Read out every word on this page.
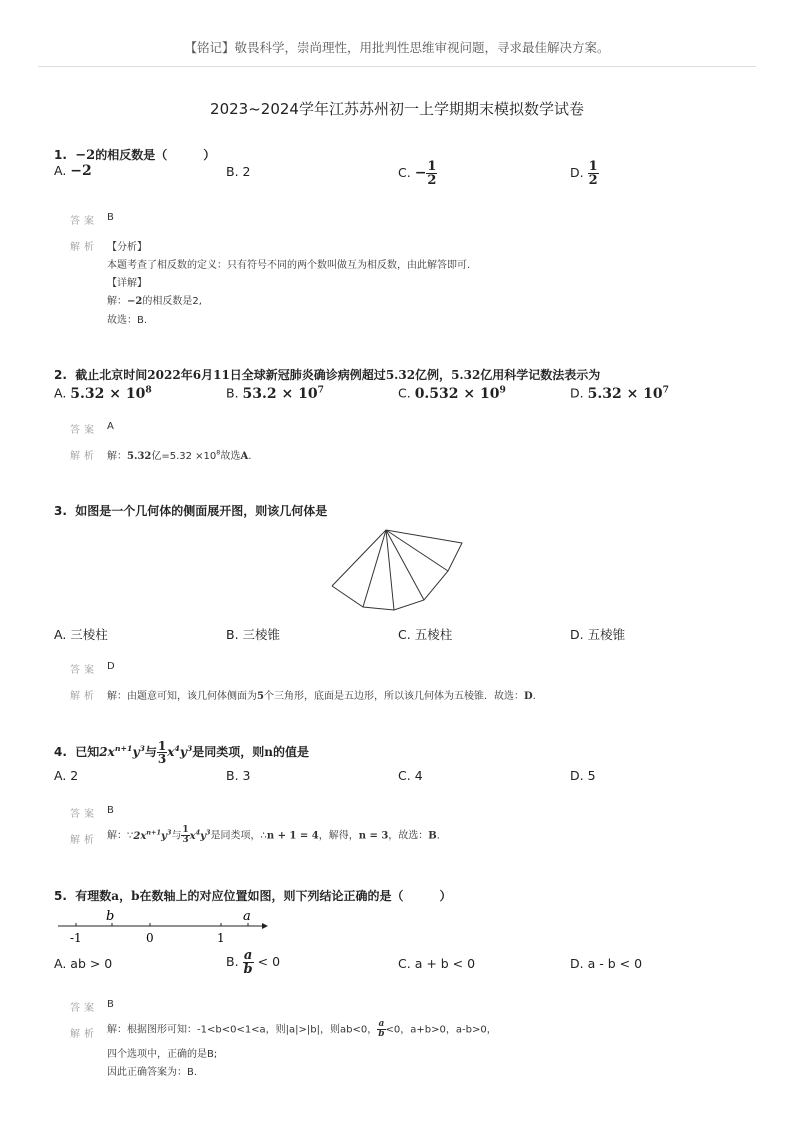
【铭记】敬畏科学，崇尚理性，用批判性思维审视问题，寻求最佳解决方案。
2023~2024学年江苏苏州初一上学期期末模拟数学试卷
1. −2的相反数是（　　　）
A. −2	B. 2	C. − $\frac{1}{2}$	D. $\frac{1}{2}$
答案 B
解析 【分析】
本题考查了相反数的定义：只有符号不同的两个数叫做互为相反数，由此解答即可.
【详解】
解：−2的相反数是2,
故选：B.
2. 截止北京时间2022年6月11日全球新冠肺炎确诊病例超过5.32亿例，5.32亿用科学记数法表示为
A. $5.32 \times 10^8$	B. $53.2 \times 10^7$	C. $0.532 \times 10^9$	D. $5.32 \times 10^7$
答案 A
解析 解：5.32亿$=5.32 \times 10^8$故选A.
3. 如图是一个几何体的侧面展开图，则该几何体是
A. 三棱柱	B. 三棱锥	C. 五棱柱	D. 五棱锥
答案 D
解析 解：由题意可知，该几何体侧面为5个三角形，底面是五边形，所以该几何体为五棱锥．故选：D.
4. 已知$2x^{n+1}y^3$与 $\frac{1}{3} x^4y^3$是同类项，则n的值是
A. 2	B. 3	C. 4	D. 5
答案 B
解析 解：$\because 2x^{n+1}y^3$与 $\frac{1}{3} x^4y^3$是同类项，∴n + 1 = 4，解得，n = 3，故选：B.
5. 有理数a，b在数轴上的对应位置如图，则下列结论正确的是（　　　）
b	a
-1	0	1
A. ab > 0	B. $\frac{a}{b} < 0$	C. a + b < 0	D. a - b < 0
答案 B
解析 解：根据图形可知：-1<b<0<1<a，则|a|>|b|，则ab<0， $\frac{a}{b} <0$，a+b>0，a-b>0，
四个选项中，正确的是B;
因此正确答案为：B.
